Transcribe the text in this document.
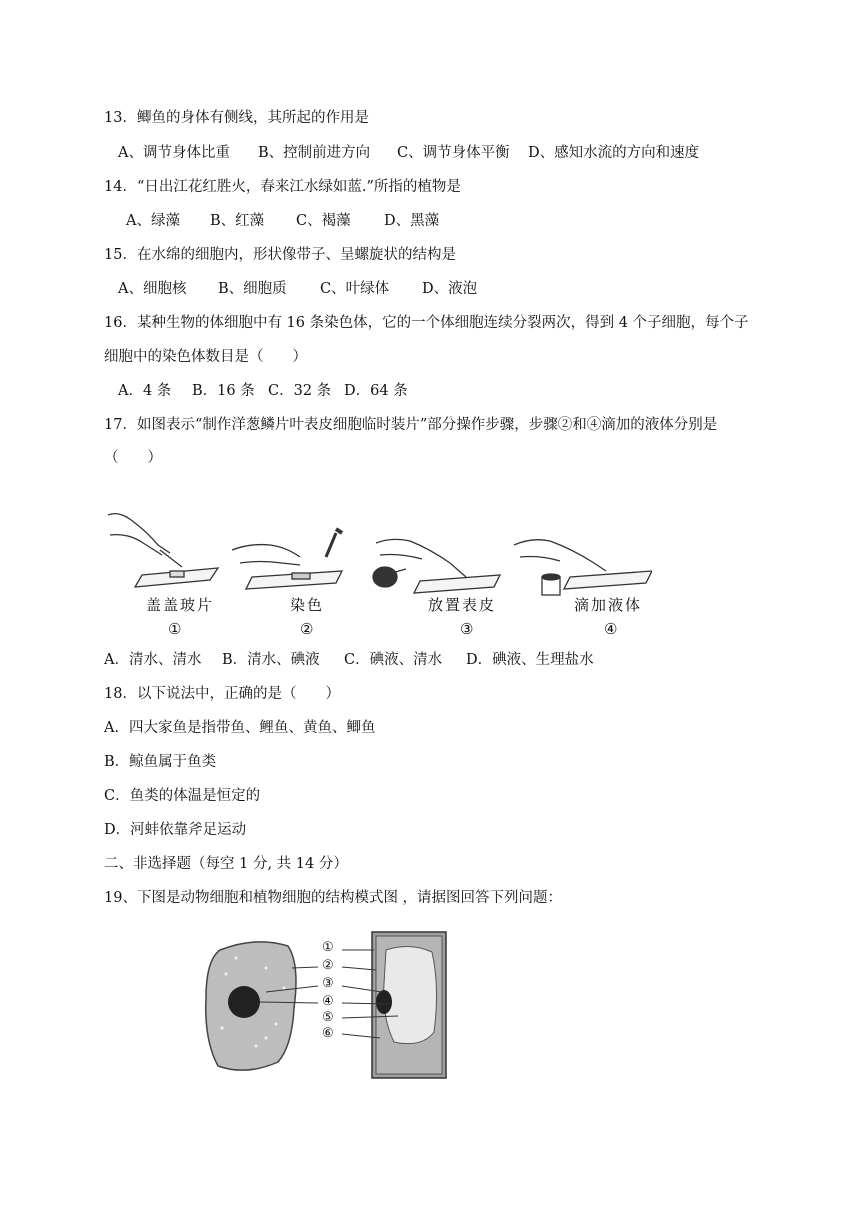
13．鲫鱼的身体有侧线，其所起的作用是
A、调节身体比重 B、控制前进方向 C、调节身体平衡 D、感知水流的方向和速度
14．“日出江花红胜火，春来江水绿如蓝.”所指的植物是
A、绿藻 B、红藻 C、褐藻 D、黑藻
15．在水绵的细胞内，形状像带子、呈螺旋状的结构是
A、细胞核 B、细胞质 C、叶绿体 D、液泡
16．某种生物的体细胞中有 16 条染色体，它的一个体细胞连续分裂两次，得到 4 个子细胞，每个子
细胞中的染色体数目是（　　）
A．4 条 B．16 条 C．32 条 D．64 条
17．如图表示“制作洋葱鳞片叶表皮细胞临时装片”部分操作步骤，步骤②和④滴加的液体分别是
（　　）
盖盖玻片
①
染色
②
放置表皮
③
滴加液体
④
A．清水、清水 B．清水、碘液 C．碘液、清水 D．碘液、生理盐水
18．以下说法中，正确的是（　　）
A．四大家鱼是指带鱼、鲤鱼、黄鱼、鲫鱼
B．鲸鱼属于鱼类
C．鱼类的体温是恒定的
D．河蚌依靠斧足运动
二、非选择题（每空 1 分, 共 14 分）
19、下图是动物细胞和植物细胞的结构模式图 ，请据图回答下列问题：
①
②
③
④
⑤
⑥
